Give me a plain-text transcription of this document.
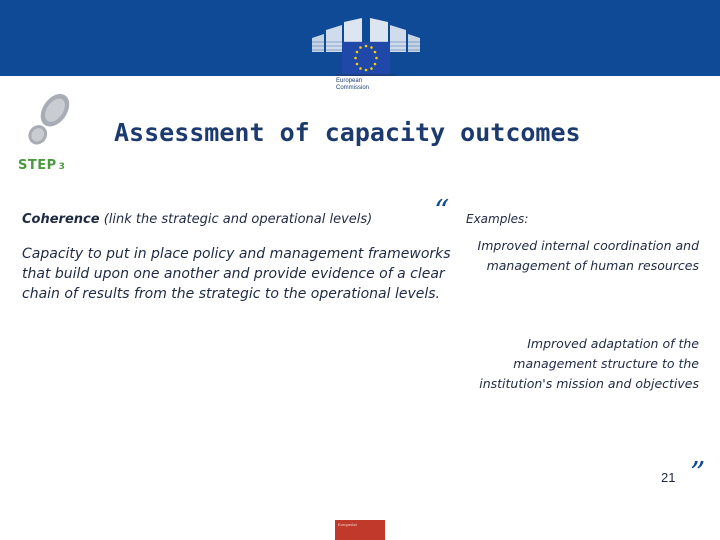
European
Commission
STEP 3
Assessment of capacity outcomes
Coherence (link the strategic and operational levels)
Capacity to put in place policy and management frameworks that build upon one another and provide evidence of a clear chain of results from the strategic to the operational levels.
“ Examples:
Improved internal coordination and management of human resources
Improved adaptation of the management structure to the institution's mission and objectives
”
21
EuropeAid
